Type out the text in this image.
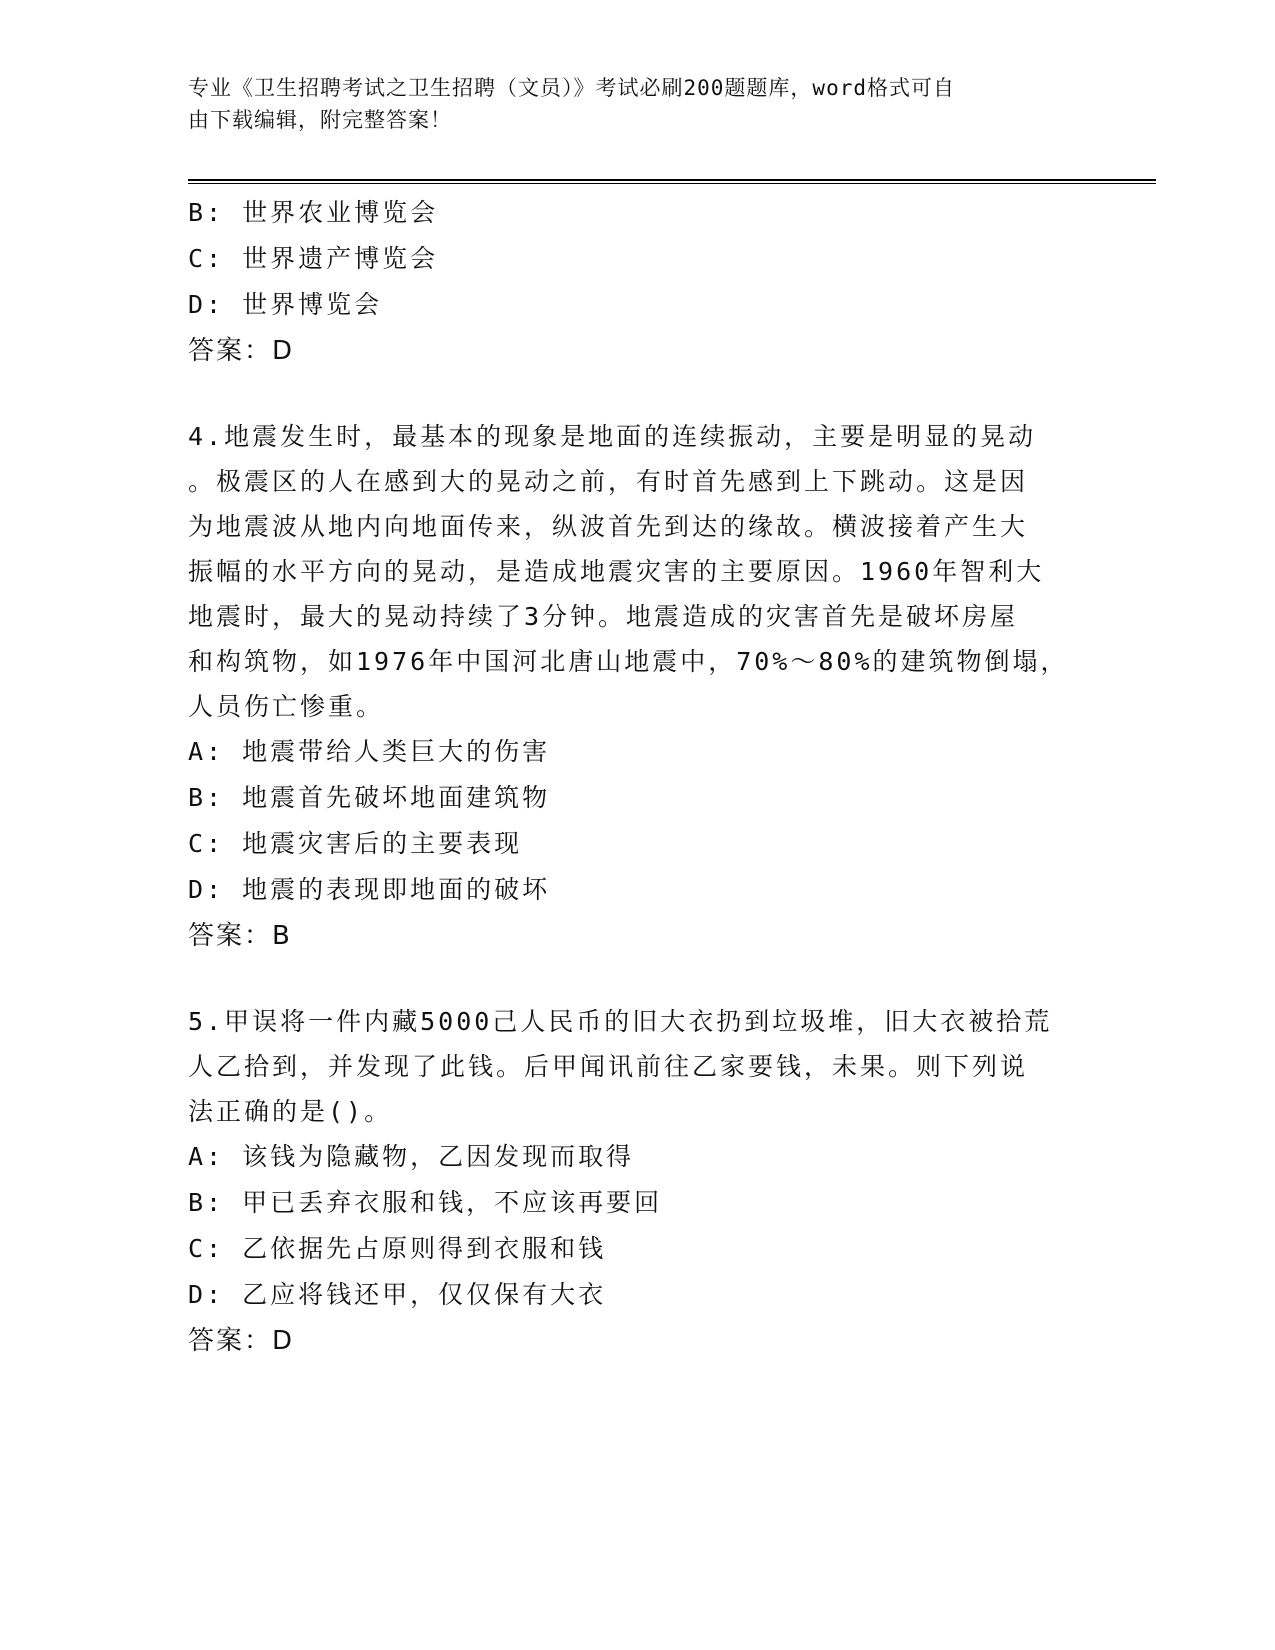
专业《卫生招聘考试之卫生招聘（文员）》考试必刷200题题库，word格式可自
由下载编辑，附完整答案！
B: 世界农业博览会
C: 世界遗产博览会
D: 世界博览会
答案：D
4.地震发生时，最基本的现象是地面的连续振动，主要是明显的晃动
。极震区的人在感到大的晃动之前，有时首先感到上下跳动。这是因
为地震波从地内向地面传来，纵波首先到达的缘故。横波接着产生大
振幅的水平方向的晃动，是造成地震灾害的主要原因。1960年智利大
地震时，最大的晃动持续了3分钟。地震造成的灾害首先是破坏房屋
和构筑物，如1976年中国河北唐山地震中，70%～80%的建筑物倒塌，
人员伤亡惨重。
A: 地震带给人类巨大的伤害
B: 地震首先破坏地面建筑物
C: 地震灾害后的主要表现
D: 地震的表现即地面的破坏
答案：B
5.甲误将一件内藏5000己人民币的旧大衣扔到垃圾堆，旧大衣被拾荒
人乙拾到，并发现了此钱。后甲闻讯前往乙家要钱，未果。则下列说
法正确的是()。
A: 该钱为隐藏物，乙因发现而取得
B: 甲已丢弃衣服和钱，不应该再要回
C: 乙依据先占原则得到衣服和钱
D: 乙应将钱还甲，仅仅保有大衣
答案：D
